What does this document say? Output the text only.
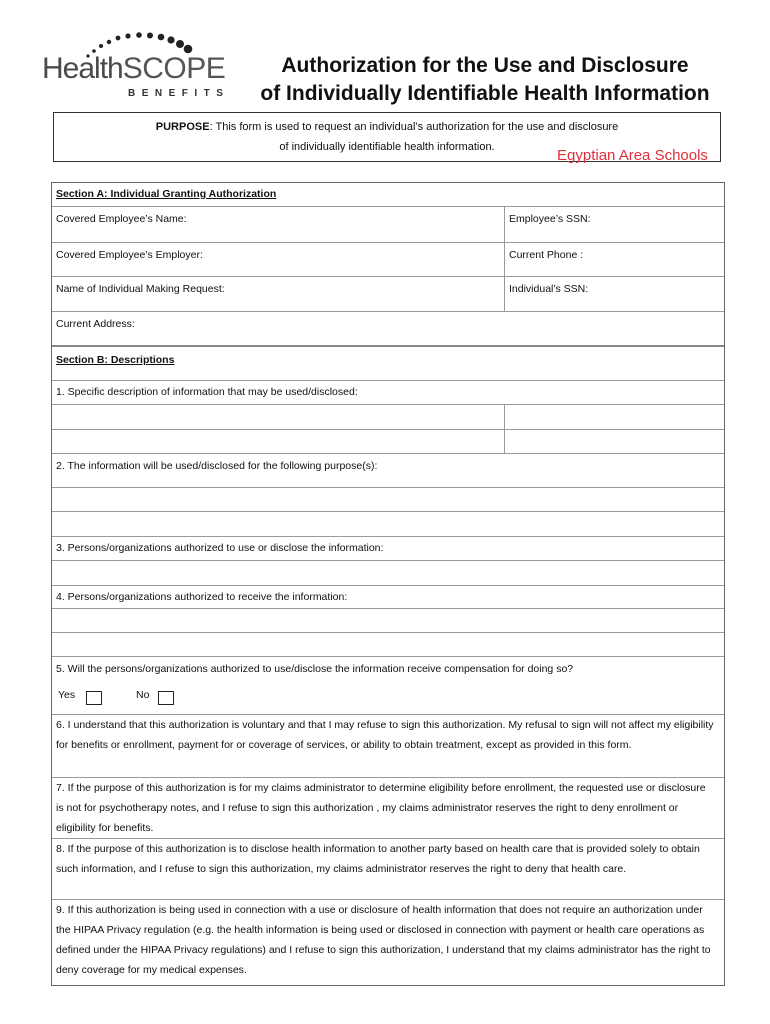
HealthSCOPE
BENEFITS
Authorization for the Use and Disclosure
of Individually Identifiable Health Information
PURPOSE: This form is used to request an individual’s authorization for the use and disclosure
of individually identifiable health information.	Egyptian Area Schools
Section A: Individual Granting Authorization
Covered Employee’s Name:	Employee’s SSN:
Covered Employee’s Employer:	Current Phone :
Name of Individual Making Request:	Individual’s SSN:
Current Address:
Section B: Descriptions
1. Specific description of information that may be used/disclosed:
2. The information will be used/disclosed for the following purpose(s):
3. Persons/organizations authorized to use or disclose the information:
4. Persons/organizations authorized to receive the information:
5. Will the persons/organizations authorized to use/disclose the information receive compensation for doing so?
Yes	No
6. I understand that this authorization is voluntary and that I may refuse to sign this authorization. My refusal to sign will not affect my eligibility for benefits or enrollment, payment for or coverage of services, or ability to obtain treatment, except as provided in this form.
7. If the purpose of this authorization is for my claims administrator to determine eligibility before enrollment, the requested use or disclosure is not for psychotherapy notes, and I refuse to sign this authorization , my claims administrator reserves the right to deny enrollment or eligibility for benefits.
8. If the purpose of this authorization is to disclose health information to another party based on health care that is provided solely to obtain such information, and I refuse to sign this authorization, my claims administrator reserves the right to deny that health care.
9. If this authorization is being used in connection with a use or disclosure of health information that does not require an authorization under the HIPAA Privacy regulation (e.g. the health information is being used or disclosed in connection with payment or health care operations as defined under the HIPAA Privacy regulations) and I refuse to sign this authorization, I understand that my claims administrator has the right to deny coverage for my medical expenses.
